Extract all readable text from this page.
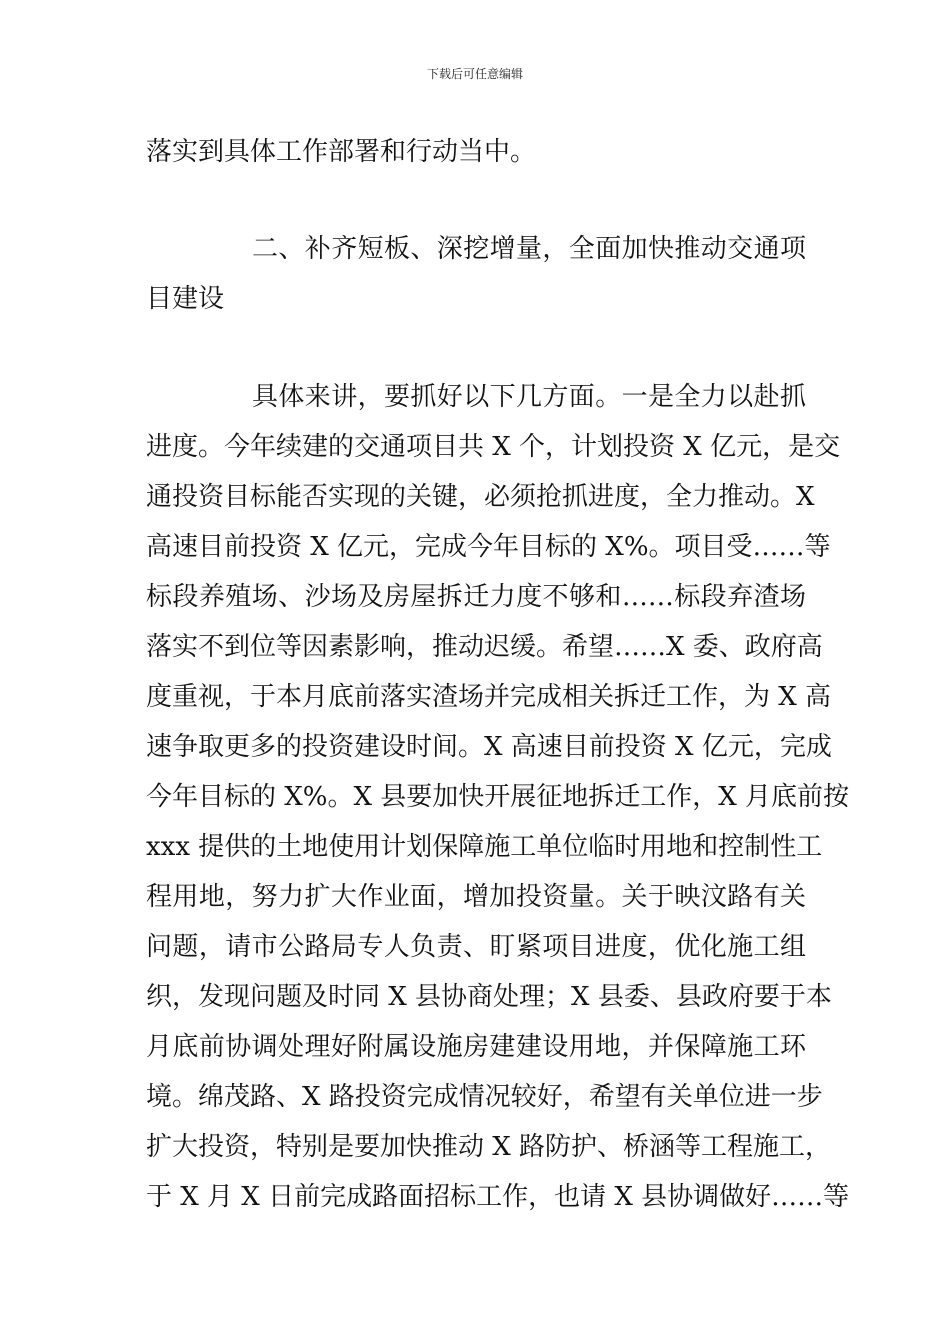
下载后可任意编辑
落实到具体工作部署和行动当中。
二、补齐短板、深挖增量，全面加快推动交通项
目建设
具体来讲，要抓好以下几方面。一是全力以赴抓
进度。今年续建的交通项目共 X 个，计划投资 X 亿元，是交
通投资目标能否实现的关键，必须抢抓进度，全力推动。X
高速目前投资 X 亿元，完成今年目标的 X%。项目受……等
标段养殖场、沙场及房屋拆迁力度不够和……标段弃渣场
落实不到位等因素影响，推动迟缓。希望……X 委、政府高
度重视，于本月底前落实渣场并完成相关拆迁工作，为 X 高
速争取更多的投资建设时间。X 高速目前投资 X 亿元，完成
今年目标的 X%。X 县要加快开展征地拆迁工作，X 月底前按
xxx 提供的土地使用计划保障施工单位临时用地和控制性工
程用地，努力扩大作业面，增加投资量。关于映汶路有关
问题，请市公路局专人负责、盯紧项目进度，优化施工组
织，发现问题及时同 X 县协商处理；X 县委、县政府要于本
月底前协调处理好附属设施房建建设用地，并保障施工环
境。绵茂路、X 路投资完成情况较好，希望有关单位进一步
扩大投资，特别是要加快推动 X 路防护、桥涵等工程施工，
于 X 月 X 日前完成路面招标工作，也请 X 县协调做好……等
